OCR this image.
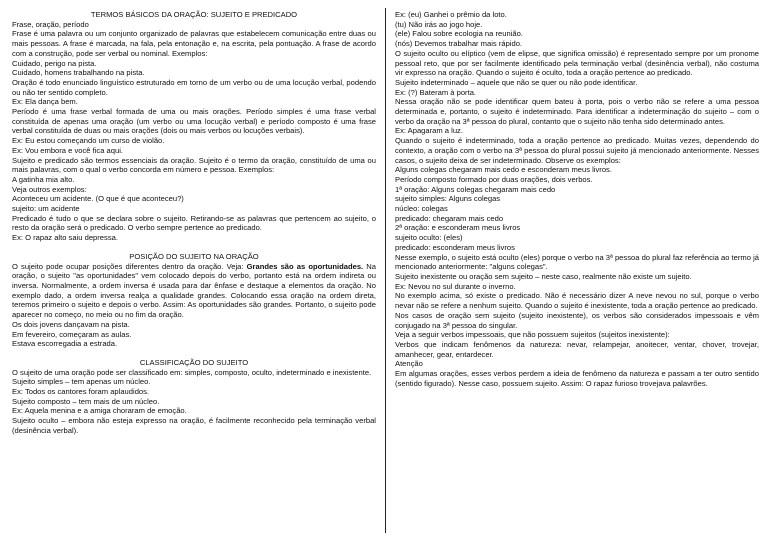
TERMOS BÁSICOS DA ORAÇÃO: SUJEITO E PREDICADO

Frase, oração, período

Frase é uma palavra ou um conjunto organizado de palavras que estabelecem comunicação entre duas ou mais pessoas. A frase é marcada, na fala, pela entonação e, na escrita, pela pontuação. A frase de acordo com a construção, pode ser verbal ou nominal. Exemplos:

Cuidado, perigo na pista.

Cuidado, homens trabalhando na pista.

Oração é todo enunciado linguístico estruturado em torno de um verbo ou de uma locução verbal, podendo ou não ter sentido completo.

Ex: Ela dança bem.

Período é uma frase verbal formada de uma ou mais orações. Período simples é uma frase verbal constituída de apenas uma oração (um verbo ou uma locução verbal) e período composto é uma frase verbal constituída de duas ou mais orações (dois ou mais verbos ou locuções verbais).

Ex: Eu estou começando um curso de violão.

Ex: Vou embora e você fica aqui.

Sujeito e predicado são termos essenciais da oração. Sujeito é o termo da oração, constituído de uma ou mais palavras, com o qual o verbo concorda em número e pessoa. Exemplos:

A gatinha mia alto.

Veja outros exemplos:

Aconteceu um acidente. (O que é que aconteceu?)

sujeito: um acidente

Predicado é tudo o que se declara sobre o sujeito. Retirando-se as palavras que pertencem ao sujeito, o resto da oração será o predicado. O verbo sempre pertence ao predicado.

Ex: O rapaz alto saiu depressa.

POSIÇÃO DO SUJEITO NA ORAÇÃO

O sujeito pode ocupar posições diferentes dentro da oração. Veja: Grandes são as oportunidades. Na oração, o sujeito "as oportunidades" vem colocado depois do verbo, portanto está na ordem indireta ou inversa. Normalmente, a ordem inversa é usada para dar ênfase e destaque a elementos da oração. No exemplo dado, a ordem inversa realça a qualidade grandes. Colocando essa oração na ordem direta, teremos primeiro o sujeito e depois o verbo. Assim: As oportunidades são grandes. Portanto, o sujeito pode aparecer no começo, no meio ou no fim da oração.

Os dois jovens dançavam na pista.

Em fevereiro, começaram as aulas.

Estava escorregadia a estrada.

CLASSIFICAÇÃO DO SUJEITO

O sujeito de uma oração pode ser classificado em: simples, composto, oculto, indeterminado e inexistente.

Sujeito simples – tem apenas um núcleo.

Ex: Todos os cantores foram aplaudidos.

Sujeito composto – tem mais de um núcleo.

Ex: Aquela menina e a amiga choraram de emoção.

Sujeito oculto – embora não esteja expresso na oração, é facilmente reconhecido pela terminação verbal (desinência verbal).

Ex: (eu) Ganhei o prêmio da loto.

(tu) Não irás ao jogo hoje.

(ele) Falou sobre ecologia na reunião.

(nós) Devemos trabalhar mais rápido.

O sujeito oculto ou elíptico (vem de elipse, que significa omissão) é representado sempre por um pronome pessoal reto, que por ser facilmente identificado pela terminação verbal (desinência verbal), não costuma vir expresso na oração. Quando o sujeito é oculto, toda a oração pertence ao predicado.

Sujeito indeterminado – aquele que não se quer ou não pode identificar.

Ex: (?) Bateram à porta.

Nessa oração não se pode identificar quem bateu à porta, pois o verbo não se refere a uma pessoa determinada e, portanto, o sujeito é indeterminado. Para identificar a indeterminação do sujeito – com o verbo da oração na 3ª pessoa do plural, contanto que o sujeito não tenha sido determinado antes.

Ex: Apagaram a luz.

Quando o sujeito é indeterminado, toda a oração pertence ao predicado. Muitas vezes, dependendo do contexto, a oração com o verbo na 3ª pessoa do plural possui sujeito já mencionado anteriormente. Nesses casos, o sujeito deixa de ser indeterminado. Observe os exemplos:

Alguns colegas chegaram mais cedo e esconderam meus livros.

Período composto formado por duas orações, dois verbos.

1ª oração: Alguns colegas chegaram mais cedo

sujeito simples: Alguns colegas

núcleo: colegas

predicado: chegaram mais cedo

2ª oração: e esconderam meus livros

sujeito oculto: (eles)

predicado: esconderam meus livros

Nesse exemplo, o sujeito está oculto (eles) porque o verbo na 3ª pessoa do plural faz referência ao termo já mencionado anteriormente: "alguns colegas".

Sujeito inexistente ou oração sem sujeito – neste caso, realmente não existe um sujeito.

Ex: Nevou no sul durante o inverno.

No exemplo acima, só existe o predicado. Não é necessário dizer A neve nevou no sul, porque o verbo nevar não se refere a nenhum sujeito. Quando o sujeito é inexistente, toda a oração pertence ao predicado.

Nos casos de oração sem sujeito (sujeito inexistente), os verbos são considerados impessoais e vêm conjugado na 3ª pessoa do singular.

Veja a seguir verbos impessoais, que não possuem sujeitos (sujeitos inexistente):

Verbos que indicam fenômenos da natureza: nevar, relampejar, anoitecer, ventar, chover, trovejar, amanhecer, gear, entardecer.

Atenção

Em algumas orações, esses verbos perdem a ideia de fenômeno da natureza e passam a ter outro sentido (sentido figurado). Nesse caso, possuem sujeito. Assim: O rapaz furioso trovejava palavrões.
